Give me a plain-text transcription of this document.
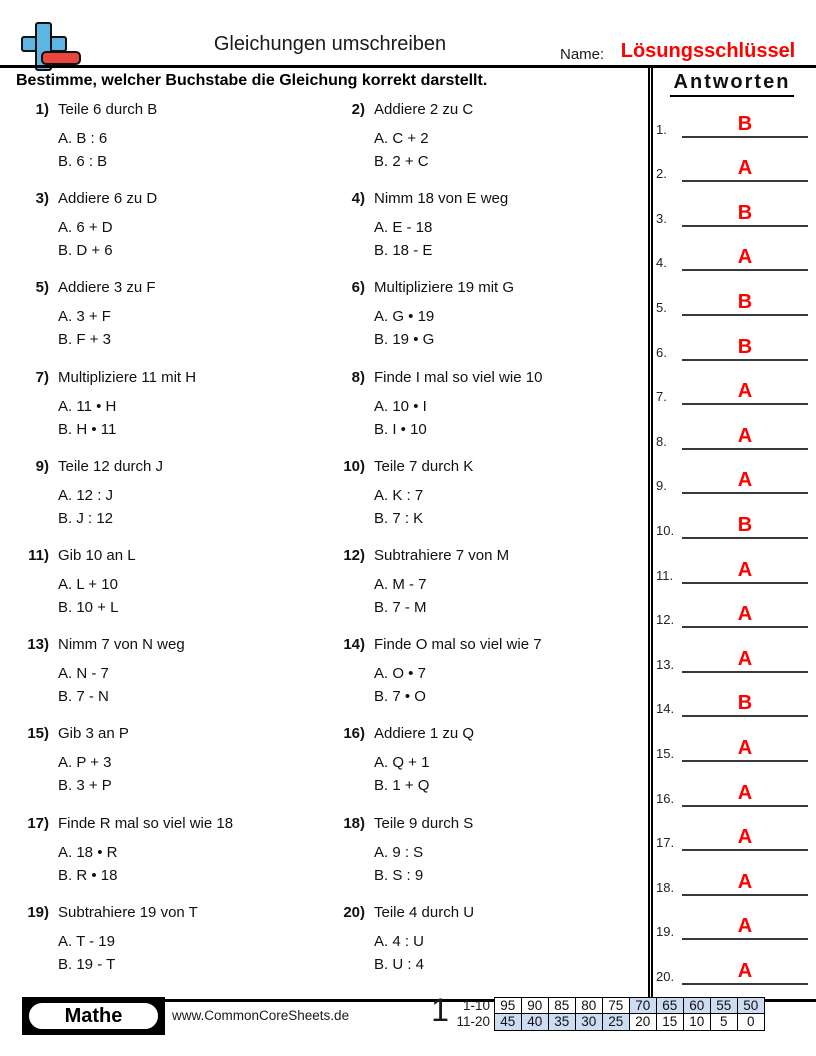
Gleichungen umschreiben	Name: Lösungsschlüssel
Bestimme, welcher Buchstabe die Gleichung korrekt darstellt.
1) Teile 6 durch B
A. B : 6
B. 6 : B
2) Addiere 2 zu C
A. C + 2
B. 2 + C
3) Addiere 6 zu D
A. 6 + D
B. D + 6
4) Nimm 18 von E weg
A. E - 18
B. 18 - E
5) Addiere 3 zu F
A. 3 + F
B. F + 3
6) Multipliziere 19 mit G
A. G • 19
B. 19 • G
7) Multipliziere 11 mit H
A. 11 • H
B. H • 11
8) Finde I mal so viel wie 10
A. 10 • I
B. I • 10
9) Teile 12 durch J
A. 12 : J
B. J : 12
10) Teile 7 durch K
A. K : 7
B. 7 : K
11) Gib 10 an L
A. L + 10
B. 10 + L
12) Subtrahiere 7 von M
A. M - 7
B. 7 - M
13) Nimm 7 von N weg
A. N - 7
B. 7 - N
14) Finde O mal so viel wie 7
A. O • 7
B. 7 • O
15) Gib 3 an P
A. P + 3
B. 3 + P
16) Addiere 1 zu Q
A. Q + 1
B. 1 + Q
17) Finde R mal so viel wie 18
A. 18 • R
B. R • 18
18) Teile 9 durch S
A. 9 : S
B. S : 9
19) Subtrahiere 19 von T
A. T - 19
B. 19 - T
20) Teile 4 durch U
A. 4 : U
B. U : 4
Antworten
1.	B
2.	A
3.	B
4.	A
5.	B
6.	B
7.	A
8.	A
9.	A
10.	B
11.	A
12.	A
13.	A
14.	B
15.	A
16.	A
17.	A
18.	A
19.	A
20.	A
Mathe	www.CommonCoreSheets.de	1	1-10 95 90 85 80 75 70 65 60 55 50
11-20 45 40 35 30 25 20 15 10	5	0
